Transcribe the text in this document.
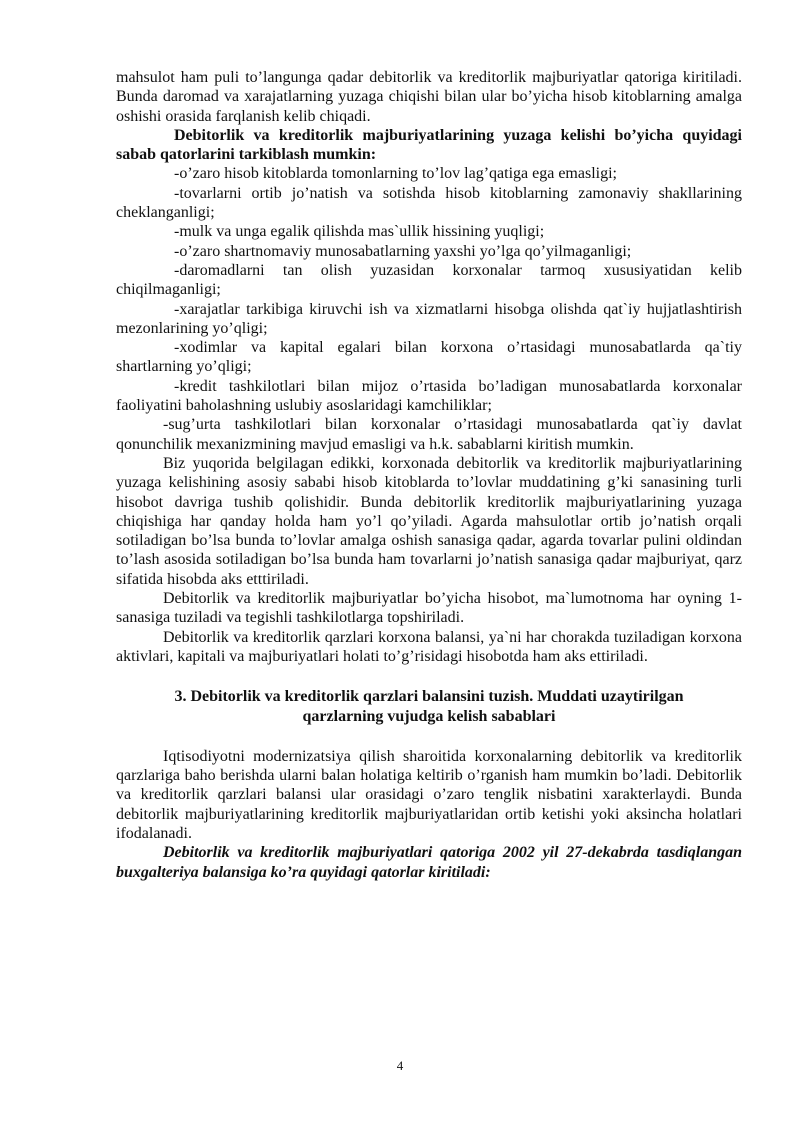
mahsulot ham puli to’langunga qadar debitorlik va kreditorlik majburiyatlar qatoriga kiritiladi. Bunda daromad va xarajatlarning yuzaga chiqishi bilan ular bo’yicha hisob kitoblarning amalga oshishi orasida farqlanish kelib chiqadi.

Debitorlik va kreditorlik majburiyatlarining yuzaga kelishi bo’yicha quyidagi sabab qatorlarini tarkiblash mumkin:

-o’zaro hisob kitoblarda tomonlarning to’lov lag’qatiga ega emasligi;

-tovarlarni ortib jo’natish va sotishda hisob kitoblarning zamonaviy shakllarining cheklanganligi;

-mulk va unga egalik qilishda mas`ullik hissining yuqligi;

-o’zaro shartnomaviy munosabatlarning yaxshi yo’lga qo’yilmaganligi;

-daromadlarni tan olish yuzasidan korxonalar tarmoq xususiyatidan kelib chiqilmaganligi;

-xarajatlar tarkibiga kiruvchi ish va xizmatlarni hisobga olishda qat`iy hujjatlashtirish mezonlarining yo’qligi;

-xodimlar va kapital egalari bilan korxona o’rtasidagi munosabatlarda qa`tiy shartlarning yo’qligi;

-kredit tashkilotlari bilan mijoz o’rtasida bo’ladigan munosabatlarda korxonalar faoliyatini baholashning uslubiy asoslaridagi kamchiliklar;

-sug’urta tashkilotlari bilan korxonalar o’rtasidagi munosabatlarda qat`iy davlat qonunchilik mexanizmining mavjud emasligi va h.k. sabablarni kiritish mumkin.

Biz yuqorida belgilagan edikki, korxonada debitorlik va kreditorlik majburiyatlarining yuzaga kelishining asosiy sababi hisob kitoblarda to’lovlar muddatining g’ki sanasining turli hisobot davriga tushib qolishidir. Bunda debitorlik kreditorlik majburiyatlarining yuzaga chiqishiga har qanday holda ham yo’l qo’yiladi. Agarda mahsulotlar ortib jo’natish orqali sotiladigan bo’lsa bunda to’lovlar amalga oshish sanasiga qadar, agarda tovarlar pulini oldindan to’lash asosida sotiladigan bo’lsa bunda ham tovarlarni jo’natish sanasiga qadar majburiyat, qarz sifatida hisobda aks etttiriladi.

Debitorlik va kreditorlik majburiyatlar bo’yicha hisobot, ma`lumotnoma har oyning 1-sanasiga tuziladi va tegishli tashkilotlarga topshiriladi.

Debitorlik va kreditorlik qarzlari korxona balansi, ya`ni har chorakda tuziladigan korxona aktivlari, kapitali va majburiyatlari holati to’g’risidagi hisobotda ham aks ettiriladi.

3. Debitorlik va kreditorlik qarzlari balansini tuzish. Muddati uzaytirilgan
qarzlarning vujudga kelish sabablari

Iqtisodiyotni modernizatsiya qilish sharoitida korxonalarning debitorlik va kreditorlik qarzlariga baho berishda ularni balan holatiga keltirib o’rganish ham mumkin bo’ladi. Debitorlik va kreditorlik qarzlari balansi ular orasidagi o’zaro tenglik nisbatini xarakterlaydi. Bunda debitorlik majburiyatlarining kreditorlik majburiyatlaridan ortib ketishi yoki aksincha holatlari ifodalanadi.

Debitorlik va kreditorlik majburiyatlari qatoriga 2002 yil 27-dekabrda tasdiqlangan buxgalteriya balansiga ko’ra quyidagi qatorlar kiritiladi:

4
